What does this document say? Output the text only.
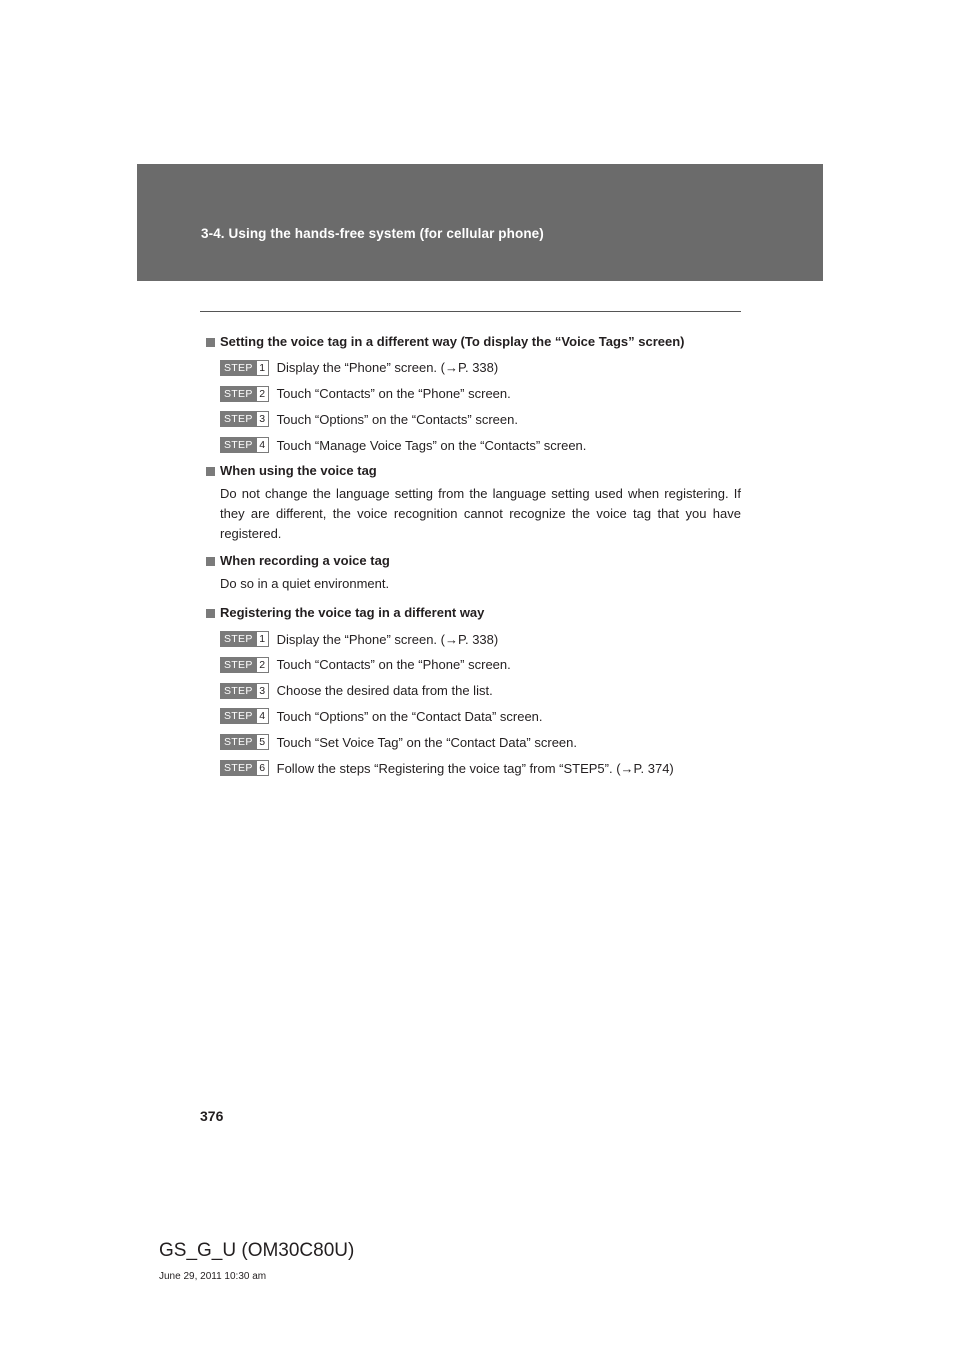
3-4. Using the hands-free system (for cellular phone)
Setting the voice tag in a different way (To display the “Voice Tags” screen)
STEP 1 Display the “Phone” screen. (→P. 338)
STEP 2 Touch “Contacts” on the “Phone” screen.
STEP 3 Touch “Options” on the “Contacts” screen.
STEP 4 Touch “Manage Voice Tags” on the “Contacts” screen.
When using the voice tag
Do not change the language setting from the language setting used when registering. If they are different, the voice recognition cannot recognize the voice tag that you have registered.
When recording a voice tag
Do so in a quiet environment.
Registering the voice tag in a different way
STEP 1 Display the “Phone” screen. (→P. 338)
STEP 2 Touch “Contacts” on the “Phone” screen.
STEP 3 Choose the desired data from the list.
STEP 4 Touch “Options” on the “Contact Data” screen.
STEP 5 Touch “Set Voice Tag” on the “Contact Data” screen.
STEP 6 Follow the steps “Registering the voice tag” from “STEP5”. (→P. 374)
376
GS_G_U (OM30C80U)
June 29, 2011 10:30 am
